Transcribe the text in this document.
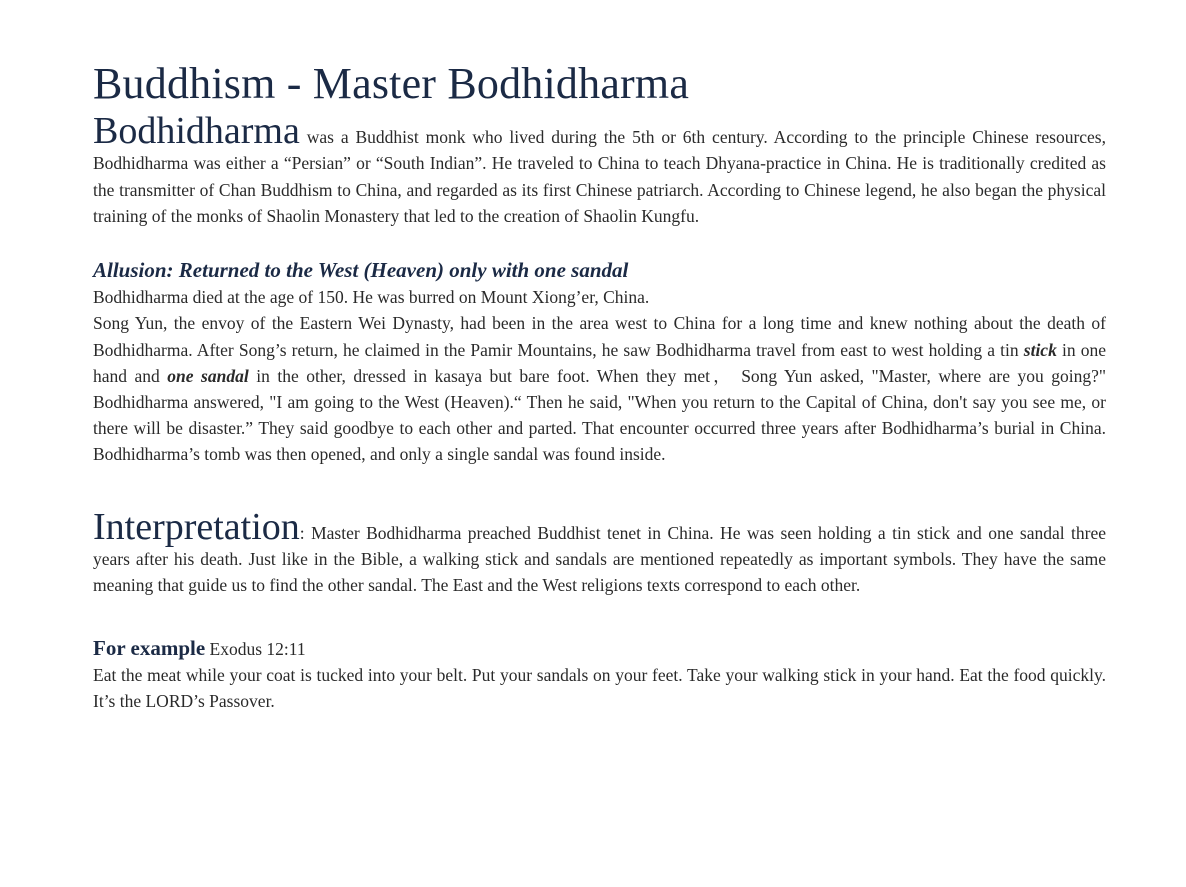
Buddhism - Master Bodhidharma

Bodhidharma was a Buddhist monk who lived during the 5th or 6th century. According to the principle Chinese resources, Bodhidharma was either a “Persian” or “South Indian”. He traveled to China to teach Dhyana-practice in China. He is traditionally credited as the transmitter of Chan Buddhism to China, and regarded as its first Chinese patriarch. According to Chinese legend, he also began the physical training of the monks of Shaolin Monastery that led to the creation of Shaolin Kungfu.

Allusion: Returned to the West (Heaven) only with one sandal

Bodhidharma died at the age of 150. He was burred on Mount Xiong’er, China.

Song Yun, the envoy of the Eastern Wei Dynasty, had been in the area west to China for a long time and knew nothing about the death of Bodhidharma. After Song’s return, he claimed in the Pamir Mountains, he saw Bodhidharma travel from east to west holding a tin stick in one hand and one sandal in the other, dressed in kasaya but bare foot. When they met， Song Yun asked, "Master, where are you going?" Bodhidharma answered, "I am going to the West (Heaven).“ Then he said, "When you return to the Capital of China, don't say you see me, or there will be disaster.” They said goodbye to each other and parted. That encounter occurred three years after Bodhidharma’s burial in China. Bodhidharma’s tomb was then opened, and only a single sandal was found inside.

Interpretation: Master Bodhidharma preached Buddhist tenet in China. He was seen holding a tin stick and one sandal three years after his death. Just like in the Bible, a walking stick and sandals are mentioned repeatedly as important symbols. They have the same meaning that guide us to find the other sandal. The East and the West religions texts correspond to each other.

For example Exodus 12:11

Eat the meat while your coat is tucked into your belt. Put your sandals on your feet. Take your walking stick in your hand. Eat the food quickly. It’s the LORD’s Passover.
